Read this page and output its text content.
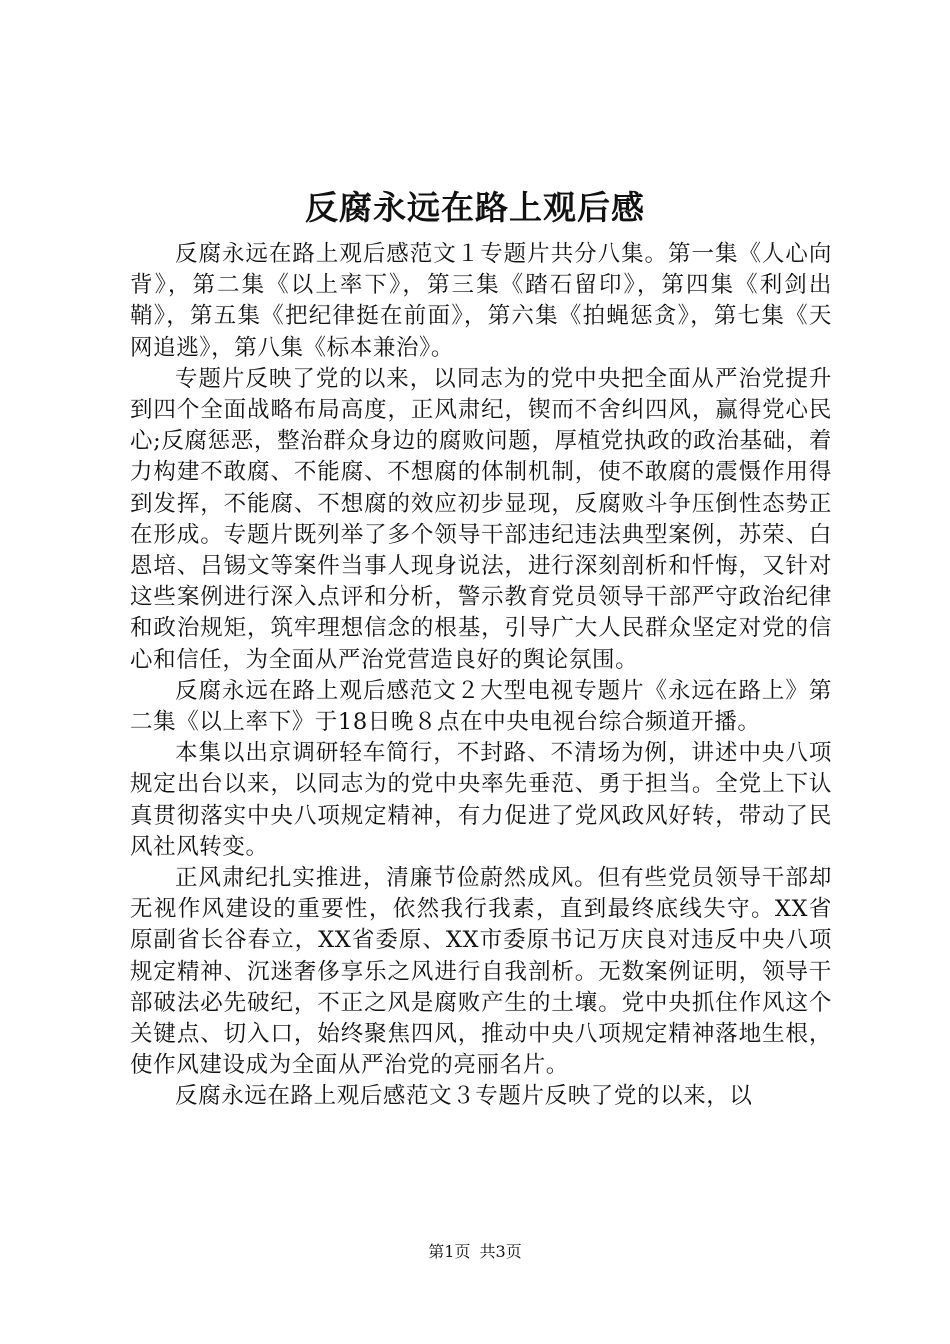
反腐永远在路上观后感

反腐永远在路上观后感范文１专题片共分八集。第一集《人心向背》，第二集《以上率下》，第三集《踏石留印》，第四集《利剑出鞘》，第五集《把纪律挺在前面》，第六集《拍蝇惩贪》，第七集《天网追逃》，第八集《标本兼治》。

专题片反映了党的以来，以同志为的党中央把全面从严治党提升到四个全面战略布局高度，正风肃纪，锲而不舍纠四风，赢得党心民心;反腐惩恶，整治群众身边的腐败问题，厚植党执政的政治基础，着力构建不敢腐、不能腐、不想腐的体制机制，使不敢腐的震慑作用得到发挥，不能腐、不想腐的效应初步显现，反腐败斗争压倒性态势正在形成。专题片既列举了多个领导干部违纪违法典型案例，苏荣、白恩培、吕锡文等案件当事人现身说法，进行深刻剖析和忏悔，又针对这些案例进行深入点评和分析，警示教育党员领导干部严守政治纪律和政治规矩，筑牢理想信念的根基，引导广大人民群众坚定对党的信心和信任，为全面从严治党营造良好的舆论氛围。

反腐永远在路上观后感范文２大型电视专题片《永远在路上》第二集《以上率下》于18日晚８点在中央电视台综合频道开播。

本集以出京调研轻车简行，不封路、不清场为例，讲述中央八项规定出台以来，以同志为的党中央率先垂范、勇于担当。全党上下认真贯彻落实中央八项规定精神，有力促进了党风政风好转，带动了民风社风转变。

正风肃纪扎实推进，清廉节俭蔚然成风。但有些党员领导干部却无视作风建设的重要性，依然我行我素，直到最终底线失守。XX省原副省长谷春立，XX省委原、XX市委原书记万庆良对违反中央八项规定精神、沉迷奢侈享乐之风进行自我剖析。无数案例证明，领导干部破法必先破纪，不正之风是腐败产生的土壤。党中央抓住作风这个关键点、切入口，始终聚焦四风，推动中央八项规定精神落地生根，使作风建设成为全面从严治党的亮丽名片。

反腐永远在路上观后感范文３专题片反映了党的以来，以

第1页 共3页
